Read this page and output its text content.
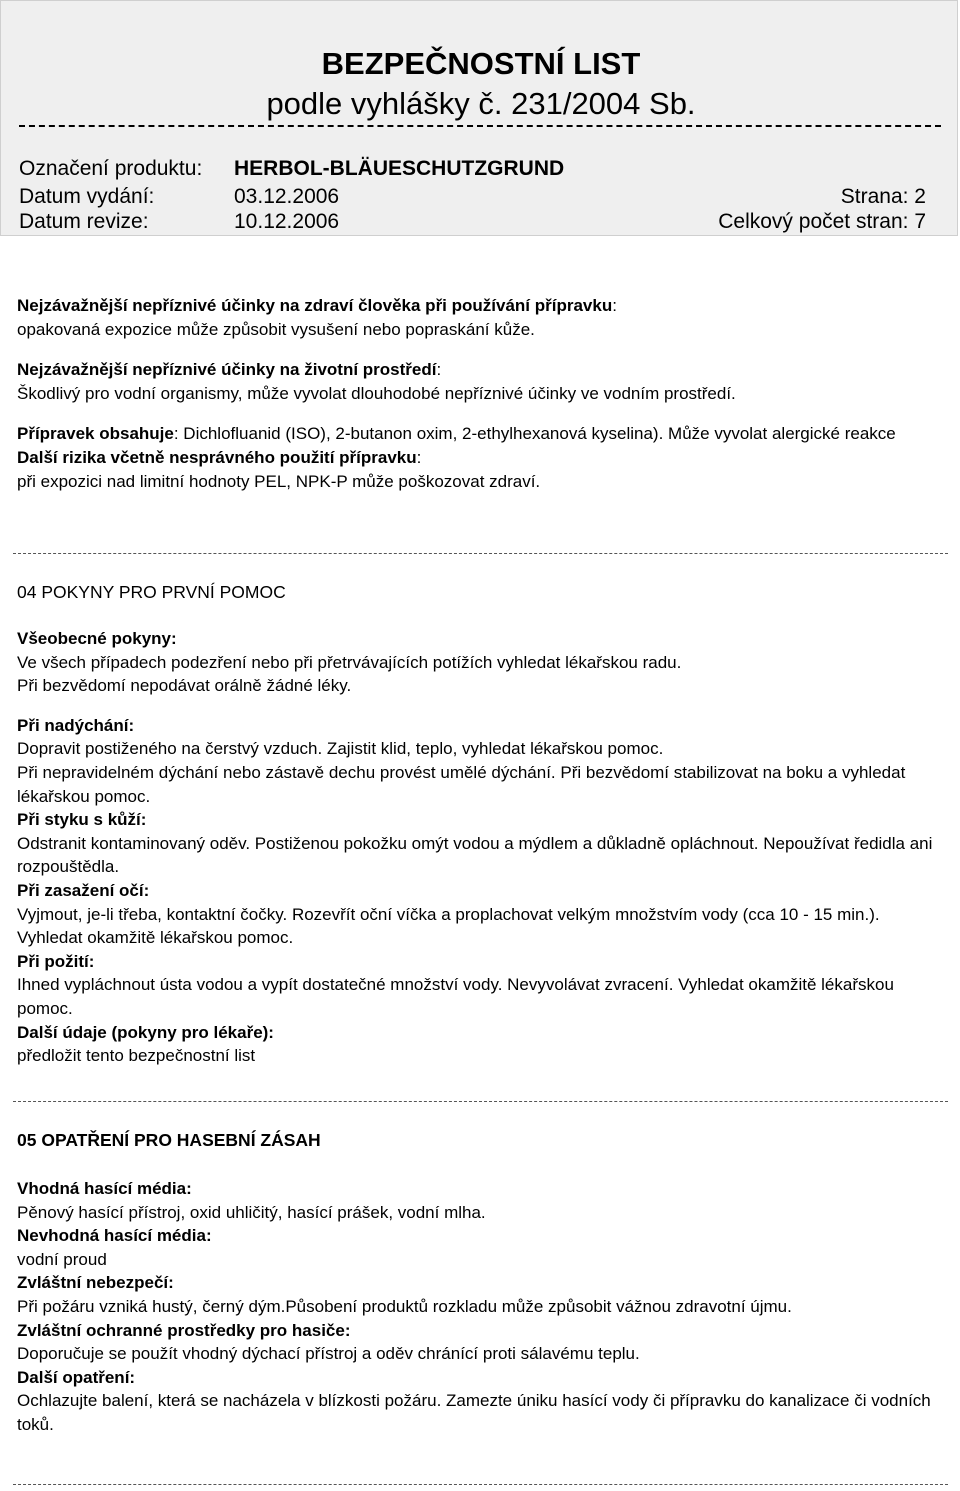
BEZPEČNOSTNÍ LIST
podle vyhlášky č. 231/2004 Sb.
Označení produktu: HERBOL-BLÄUESCHUTZGRUND
Datum vydání:	03.12.2006	Strana: 2
Datum revize:	10.12.2006	Celkový počet stran: 7

Nejzávažnější nepříznivé účinky na zdraví člověka při používání přípravku:

opakovaná expozice může způsobit vysušení nebo popraskání kůže.

Nejzávažnější nepříznivé účinky na životní prostředí:

Škodlivý pro vodní organismy, může vyvolat dlouhodobé nepříznivé účinky ve vodním prostředí.

Přípravek obsahuje: Dichlofluanid (ISO), 2-butanon oxim, 2-ethylhexanová kyselina). Může vyvolat alergické reakce

Další rizika včetně nesprávného použití přípravku:

při expozici nad limitní hodnoty PEL, NPK-P může poškozovat zdraví.

04 POKYNY PRO PRVNÍ POMOC

Všeobecné pokyny:

Ve všech případech podezření nebo při přetrvávajících potížích vyhledat lékařskou radu.

Při bezvědomí nepodávat orálně žádné léky.

Při nadýchání:

Dopravit postiženého na čerstvý vzduch. Zajistit klid, teplo, vyhledat lékařskou pomoc.

Při nepravidelném dýchání nebo zástavě dechu provést umělé dýchání. Při bezvědomí stabilizovat na boku a vyhledat lékařskou pomoc.

Při styku s kůží:

Odstranit kontaminovaný oděv. Postiženou pokožku omýt vodou a mýdlem a důkladně opláchnout. Nepoužívat ředidla ani rozpouštědla.

Při zasažení očí:

Vyjmout, je-li třeba, kontaktní čočky. Rozevřít oční víčka a proplachovat velkým množstvím vody (cca 10 - 15 min.). Vyhledat okamžitě lékařskou pomoc.

Při požití:

Ihned vypláchnout ústa vodou a vypít dostatečné množství vody. Nevyvolávat zvracení. Vyhledat okamžitě lékařskou pomoc.

Další údaje (pokyny pro lékaře):

předložit tento bezpečnostní list

05 OPATŘENÍ PRO HASEBNÍ ZÁSAH

Vhodná hasící média:

Pěnový hasící přístroj, oxid uhličitý, hasící prášek, vodní mlha.

Nevhodná hasící média:

vodní proud

Zvláštní nebezpečí:

Při požáru vzniká hustý, černý dým.Působení produktů rozkladu může způsobit vážnou zdravotní újmu.

Zvláštní ochranné prostředky pro hasiče:

Doporučuje se použít vhodný dýchací přístroj a oděv chránící proti sálavému teplu.

Další opatření:

Ochlazujte balení, která se nacházela v blízkosti požáru. Zamezte úniku hasící vody či přípravku do kanalizace či vodních toků.
